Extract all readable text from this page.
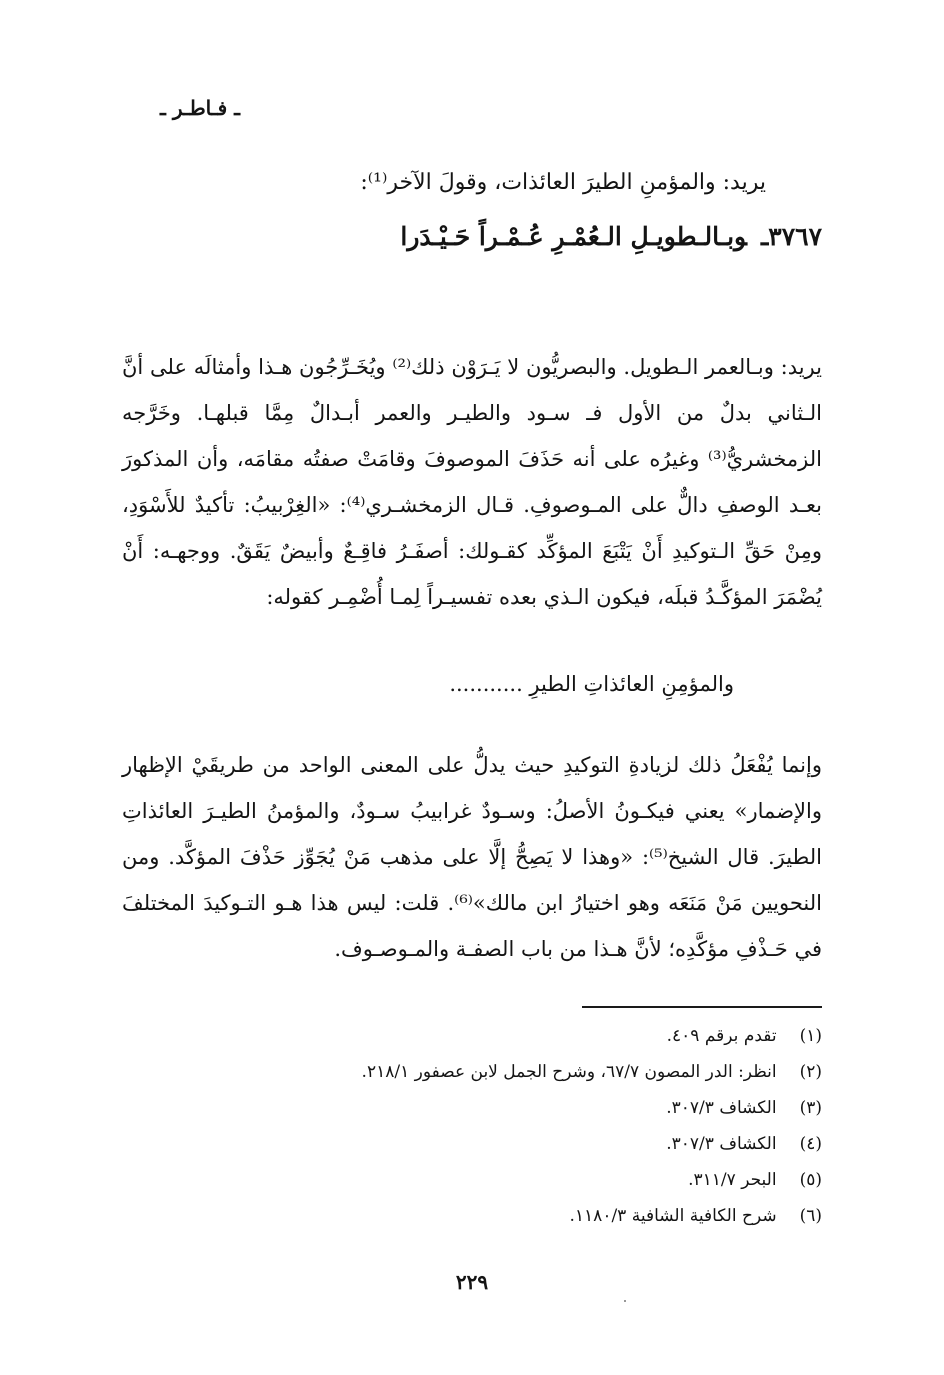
ـ فـاطـر ـ
يريد: والمؤمنِ الطيرَ العائذات، وقولَ الآخر⁽¹⁾:
٣٧٦٧ـوبـالـطويـلِ الـعُمْـرِ عُـمْـراً حَـيْـدَرا
يريد: وبـالعمر الـطويل. والبصريُّون لا يَـرَوْن ذلك⁽²⁾ ويُخَـرِّجُون هـذا وأمثالَه على أنَّ الـثاني بدلٌ من الأول فـ سـود والطيـر والعمر أبـدالٌ مِمَّا قبلهـا. وخَرَّجه الزمخشريُّ⁽³⁾ وغيرُه على أنه حَذَفَ الموصوفَ وقامَتْ صفتُه مقامَه، وأن المذكورَ بعـد الوصفِ دالٌّ على المـوصوفِ. قـال الزمخشـري⁽⁴⁾: «الغِرْبيبُ: تأكيدٌ للأَسْوَدِ، ومِنْ حَقِّ الـتوكيدِ أَنْ يَتْبَعَ المؤكِّد كقـولك: أصفَـرُ فاقِـعٌ وأبيضٌ يَقَقٌ. ووجهـه: أَنْ يُضْمَرَ المؤكَّـدُ قبلَه، فيكون الـذي بعده تفسيـراً لِمـا أُضْمِـر كقوله:
والمؤمِنِ العائذاتِ الطيرِ ...........
وإنما يُفْعَلُ ذلك لزيادةِ التوكيدِ حيث يدلُّ على المعنى الواحد من طريقَيْ الإظهار والإضمار» يعني فيكـونُ الأصلُ: وسـودٌ غرابيبُ سـودٌ، والمؤمنُ الطيـرَ العائذاتِ الطيرَ. قال الشيخ⁽⁵⁾: «وهذا لا يَصِحُّ إلَّا على مذهب مَنْ يُجَوِّز حَذْفَ المؤكَّد. ومن النحويين مَنْ مَنَعَه وهو اختيارُ ابن مالك»⁽⁶⁾. قلت: ليس هذا هـو التـوكيدَ المختلفَ في حَـذْفِ مؤكَّدِه؛ لأنَّ هـذا من باب الصفـة والمـوصـوف.
(١) تقدم برقم ٤٠٩.
(٢) انظر: الدر المصون ٦٧/٧، وشرح الجمل لابن عصفور ٢١٨/١.
(٣) الكشاف ٣٠٧/٣.
(٤) الكشاف ٣٠٧/٣.
(٥) البحر ٣١١/٧.
(٦) شرح الكافية الشافية ١١٨٠/٣.
٢٢٩
